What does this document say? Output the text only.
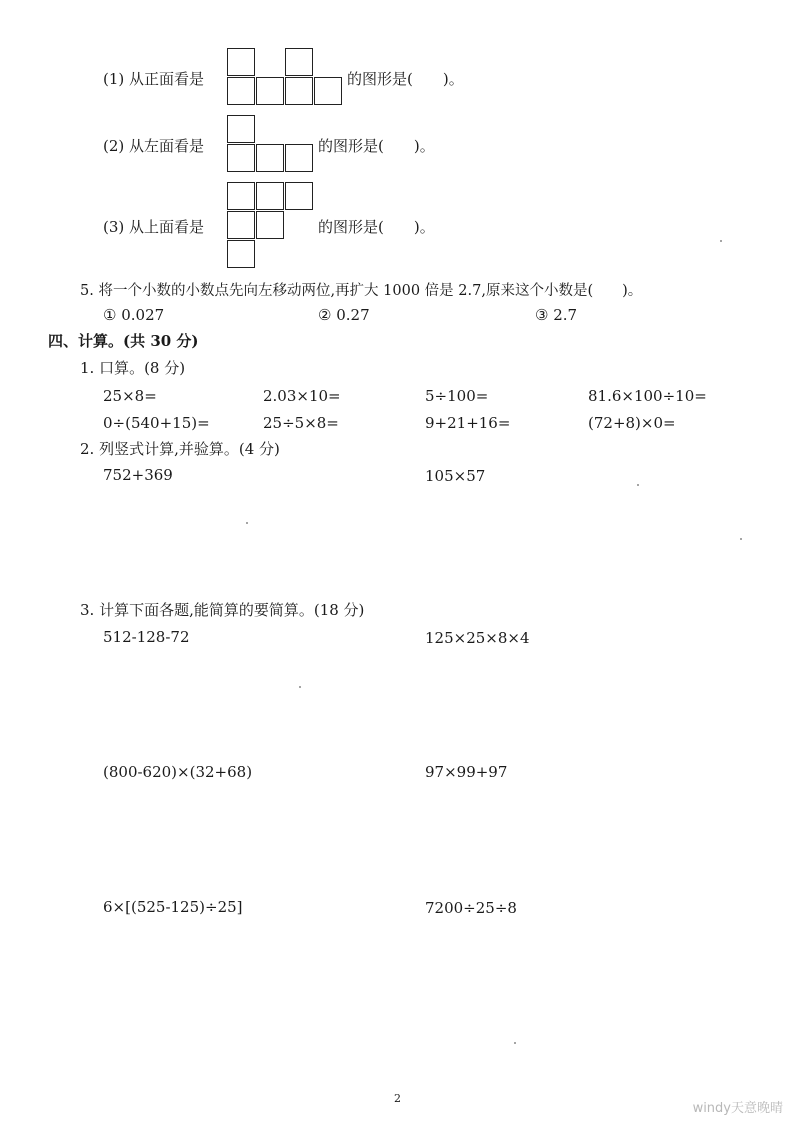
(1) 从正面看是	的图形是(　　)。
(2) 从左面看是	的图形是(　　)。
(3) 从上面看是	的图形是(　　)。
5. 将一个小数的小数点先向左移动两位,再扩大 1000 倍是 2.7,原来这个小数是(　　)。
① 0.027	② 0.27	③ 2.7
四、计算。(共 30 分)
1. 口算。(8 分)
25×8=	2.03×10=	5÷100=	81.6×100÷10=
0÷(540+15)=	25÷5×8=	9+21+16=	(72+8)×0=
2. 列竖式计算,并验算。(4 分)
752+369	105×57
3. 计算下面各题,能简算的要简算。(18 分)
512-128-72	125×25×8×4
(800-620)×(32+68)	97×99+97
6×[(525-125)÷25]	7200÷25÷8
2
windy天意晚晴
